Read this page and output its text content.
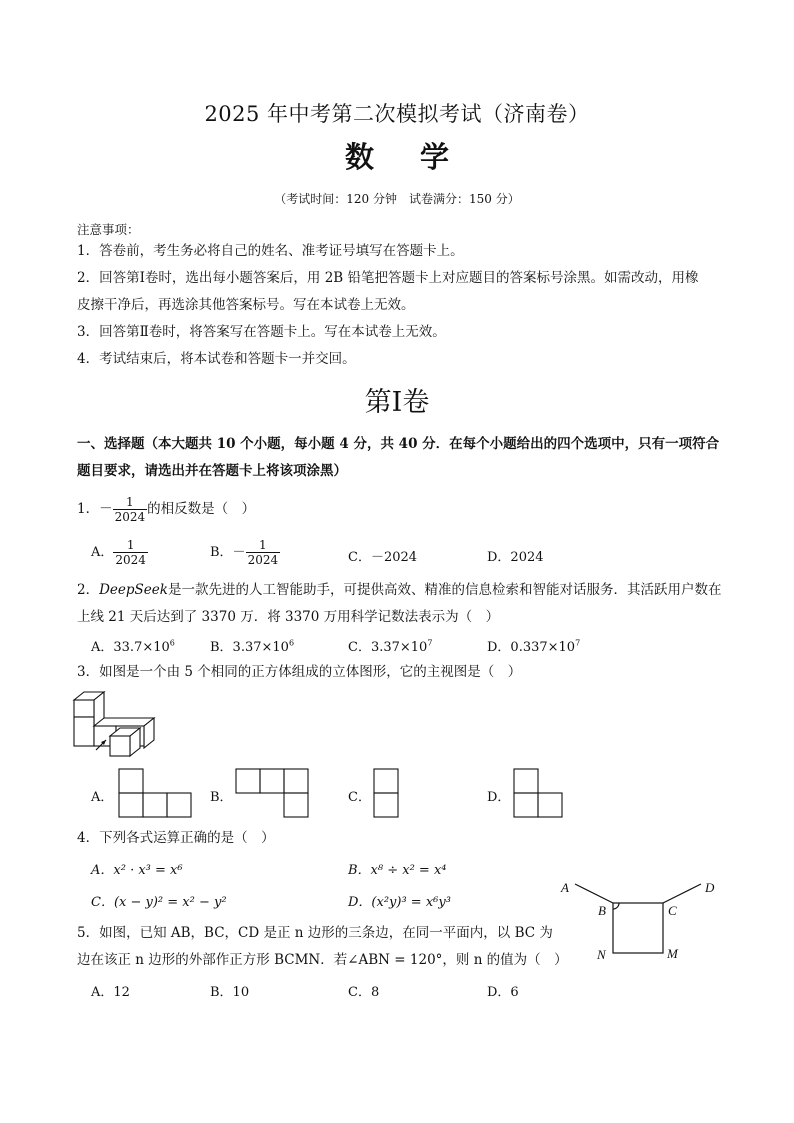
2025 年中考第二次模拟考试（济南卷）
数 学
（考试时间：120 分钟　试卷满分：150 分）
注意事项：
1．答卷前，考生务必将自己的姓名、准考证号填写在答题卡上。
2．回答第Ⅰ卷时，选出每小题答案后，用 2B 铅笔把答题卡上对应题目的答案标号涂黑。如需改动，用橡
皮擦干净后，再选涂其他答案标号。写在本试卷上无效。
3．回答第Ⅱ卷时，将答案写在答题卡上。写在本试卷上无效。
4．考试结束后，将本试卷和答题卡一并交回。
第Ⅰ卷
一、选择题（本大题共 10 个小题，每小题 4 分，共 40 分．在每个小题给出的四个选项中，只有一项符合
题目要求，请选出并在答题卡上将该项涂黑）
1．－ $\frac{1}{2024}$ 的相反数是（　）
A． $\frac{1}{2024}$	B．－ $\frac{1}{2024}$	C．－2024	D．2024
2．DeepSeek是一款先进的人工智能助手，可提供高效、精准的信息检索和智能对话服务．其活跃用户数在
上线 21 天后达到了 3370 万．将 3370 万用科学记数法表示为（　）
A．$33.7\times 10^6$	B．$3.37\times 10^6$	C．$3.37\times 10^7$	D．$0.337\times 10^7$
3．如图是一个由 5 个相同的正方体组成的立体图形，它的主视图是（　）
A．	B．	C．	D．
4．下列各式运算正确的是（　）
A．x² · x³ = x⁶	B．x⁸ ÷ x² = x⁴
C．(x − y)² = x² − y²	D．(x²y)³ = x⁶y³
A
B	C
D
M
N
5．如图，已知 AB，BC，CD 是正 n 边形的三条边，在同一平面内，以 BC 为
边在该正 n 边形的外部作正方形 BCMN．若∠ABN = 120°，则 n 的值为（　）
A．12	B．10	C．8	D．6
